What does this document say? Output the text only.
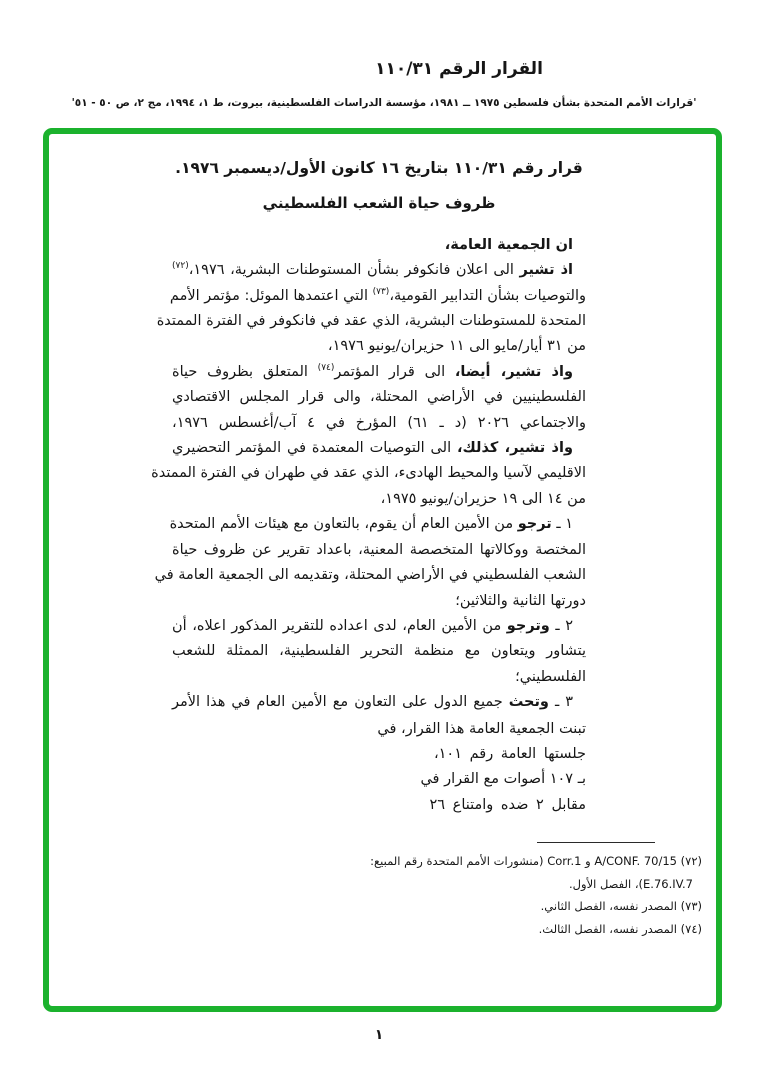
القرار الرقم ١١٠/٣١
'قرارات الأمم المتحدة بشأن فلسطين ١٩٧٥ ــ ١٩٨١، مؤسسة الدراسات الفلسطينية، بيروت، ط ١، ١٩٩٤، مج ٢، ص ٥٠ - ٥١'
قرار رقم ١١٠/٣١ بتاريخ ١٦ كانون الأول/ديسمبر ١٩٧٦.
ظروف حياة الشعب الفلسطيني
ان الجمعية العامة،
اذ تشير الى اعلان فانكوفر بشأن المستوطنات البشرية، ١٩٧٦،$^{(٧٢)}$
والتوصيات بشأن التدابير القومية،$^{(٧٣)}$ التي اعتمدها الموئل: مؤتمر الأمم
المتحدة للمستوطنات البشرية، الذي عقد في فانكوفر في الفترة الممتدة
من ٣١ أيار/مايو الى ١١ حزيران/يونيو ١٩٧٦،
واذ تشير، أيضا، الى قرار المؤتمر$^{(٧٤)}$ المتعلق بظروف حياة
الفلسطينيين في الأراضي المحتلة، والى قرار المجلس الاقتصادي
والاجتماعي ٢٠٢٦ (د ـ ٦١) المؤرخ في ٤ آب/أغسطس ١٩٧٦،
واذ تشير، كذلك، الى التوصيات المعتمدة في المؤتمر التحضيري
الاقليمي لآسيا والمحيط الهادىء، الذي عقد في طهران في الفترة الممتدة
من ١٤ الى ١٩ حزيران/يونيو ١٩٧٥،
١ ـ ترجو من الأمين العام أن يقوم، بالتعاون مع هيئات الأمم المتحدة
المختصة ووكالاتها المتخصصة المعنية، باعداد تقرير عن ظروف حياة
الشعب الفلسطيني في الأراضي المحتلة، وتقديمه الى الجمعية العامة في
دورتها الثانية والثلاثين؛
٢ ـ وترجو من الأمين العام، لدى اعداده للتقرير المذكور اعلاه، أن
يتشاور ويتعاون مع منظمة التحرير الفلسطينية، الممثلة للشعب
الفلسطيني؛
٣ ـ وتحث جميع الدول على التعاون مع الأمين العام في هذا الأمر
تبنت الجمعية العامة هذا القرار، في
جلستها العامة رقم ١٠١،
بـ ١٠٧ أصوات مع القرار في
مقابل ٢ ضده وامتناع ٢٦
(٧٢) A/CONF. 70/15 و Corr.1 (منشورات الأمم المتحدة رقم المبيع:
E.76.IV.7)، الفصل الأول.
(٧٣) المصدر نفسه، الفصل الثاني.
(٧٤) المصدر نفسه، الفصل الثالث.
١
